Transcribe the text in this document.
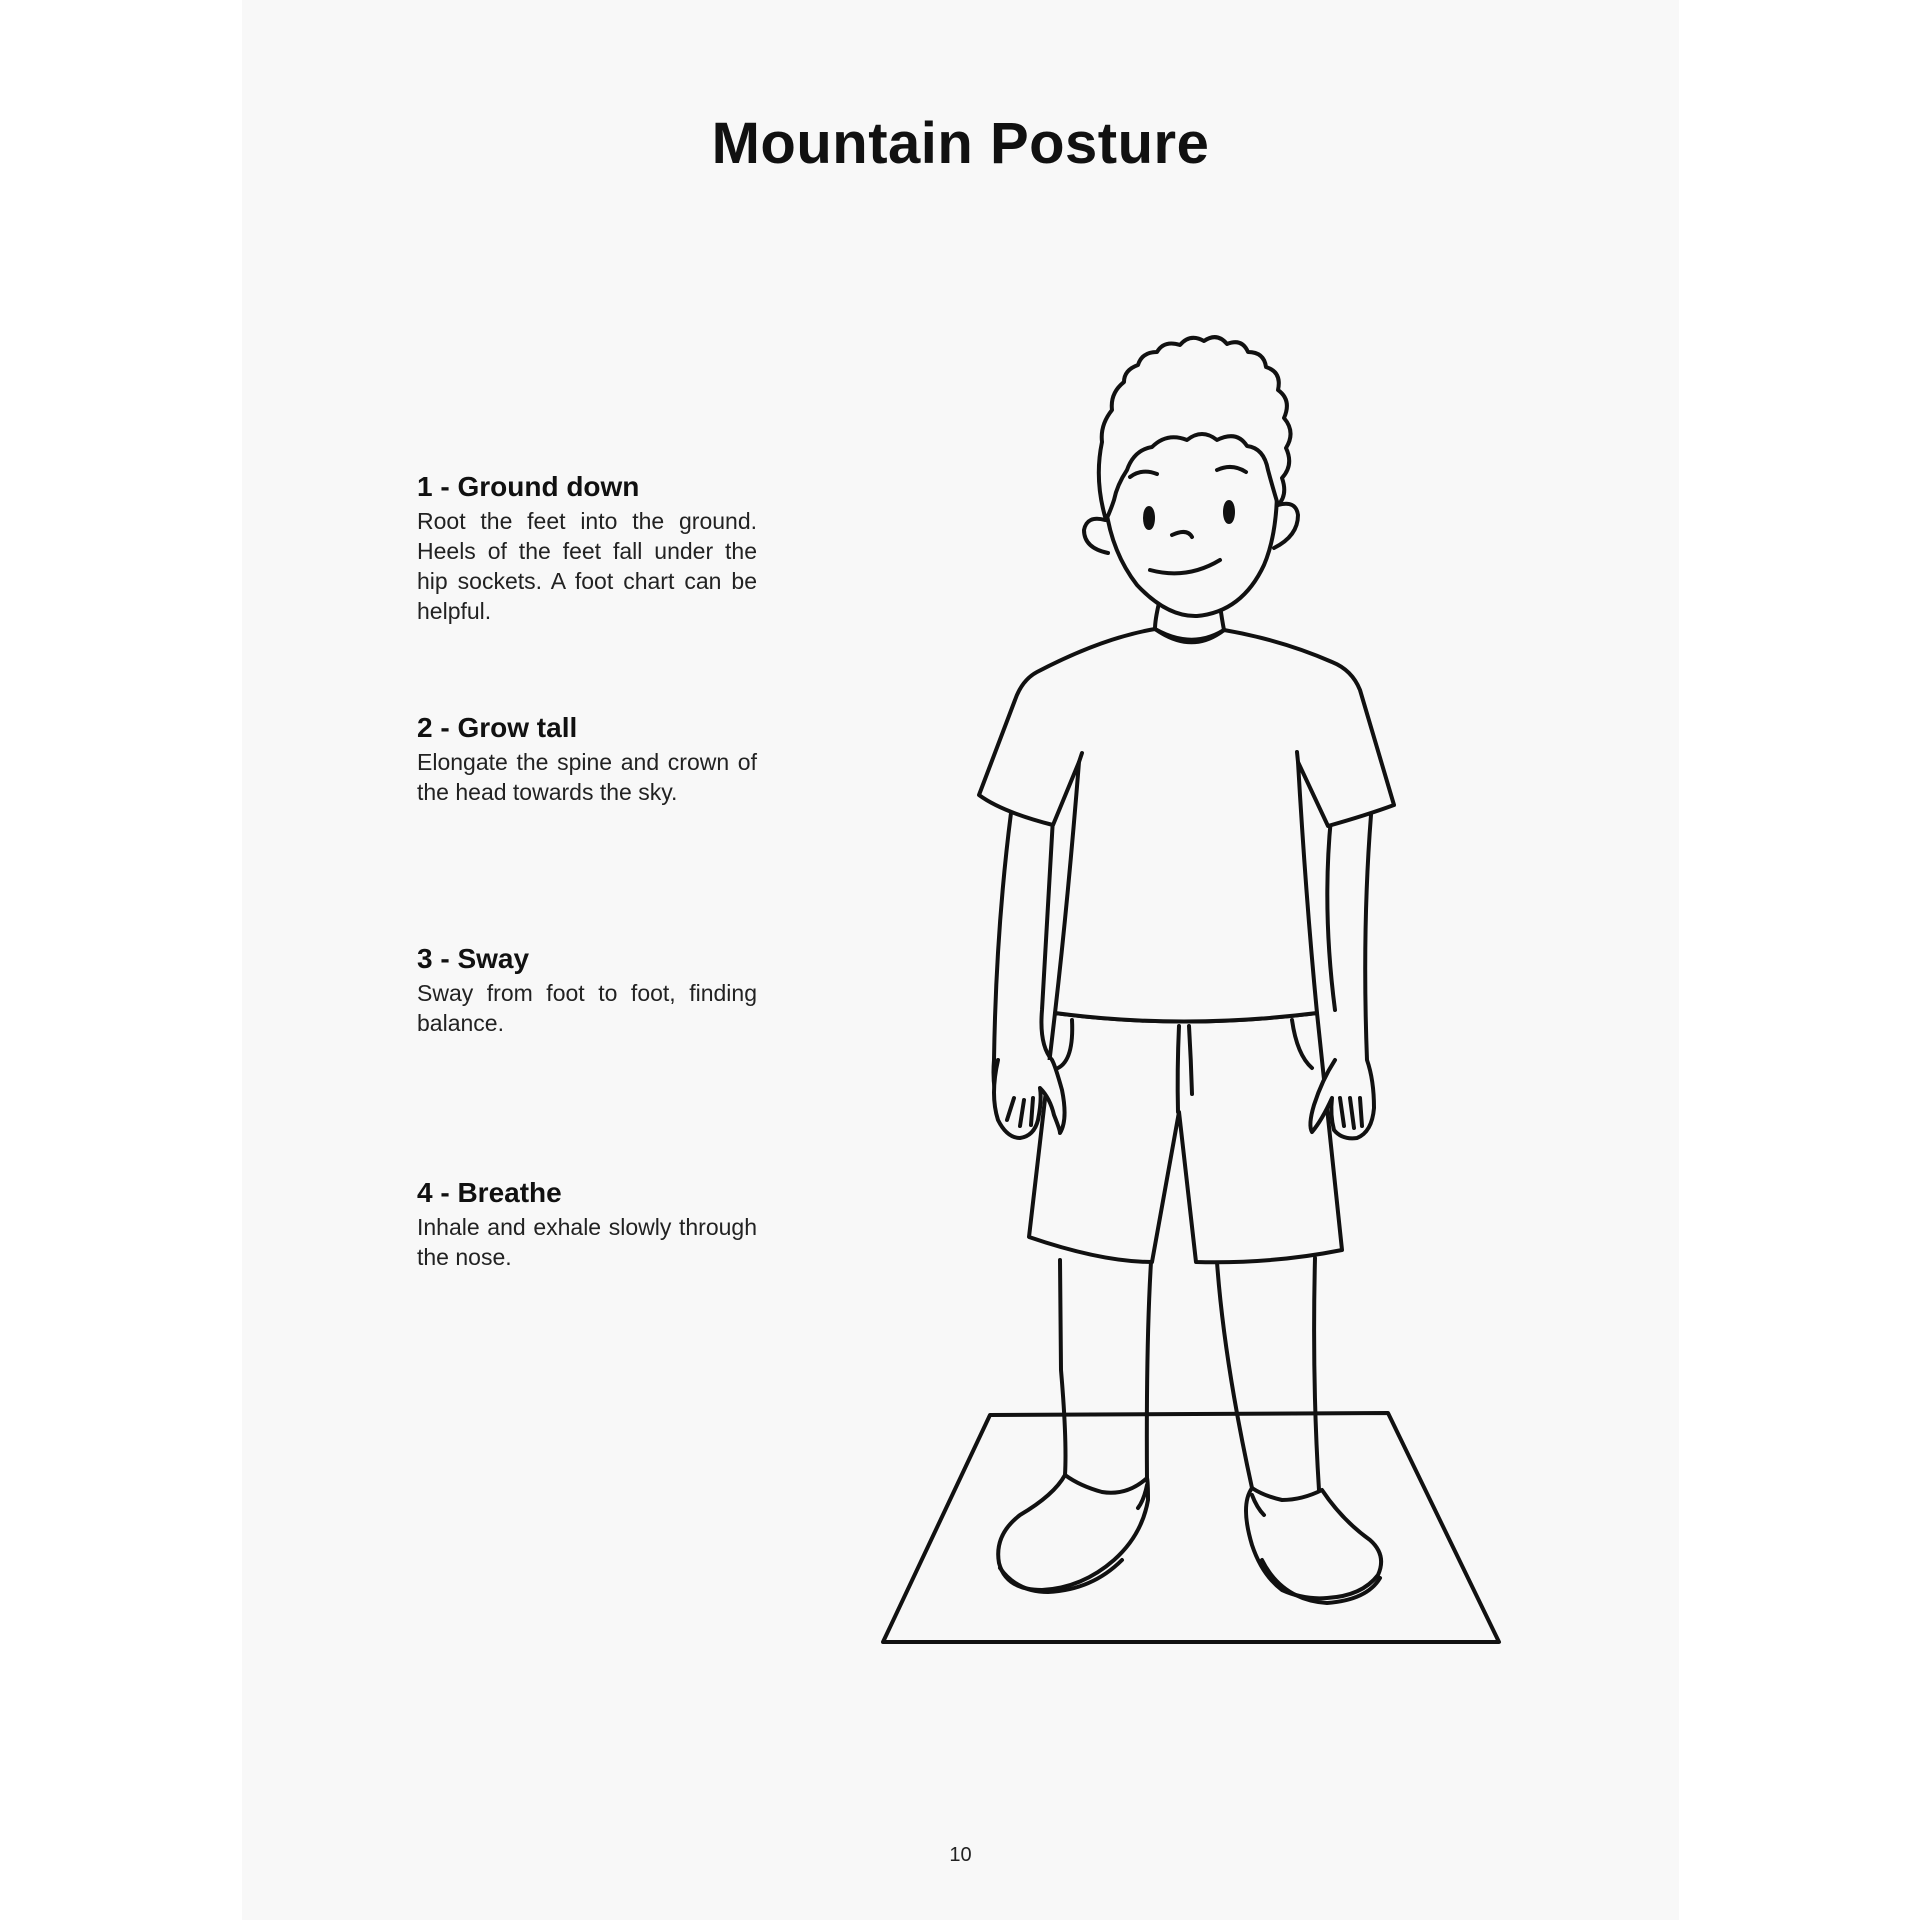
Mountain Posture
1 - Ground down

Root the feet into the ground. Heels of the feet fall under the hip sockets. A foot chart can be helpful.

2 - Grow tall

Elongate the spine and crown of the head towards the sky.

3 - Sway

Sway from foot to foot, finding balance.

4 - Breathe

Inhale and exhale slowly through the nose.

10
